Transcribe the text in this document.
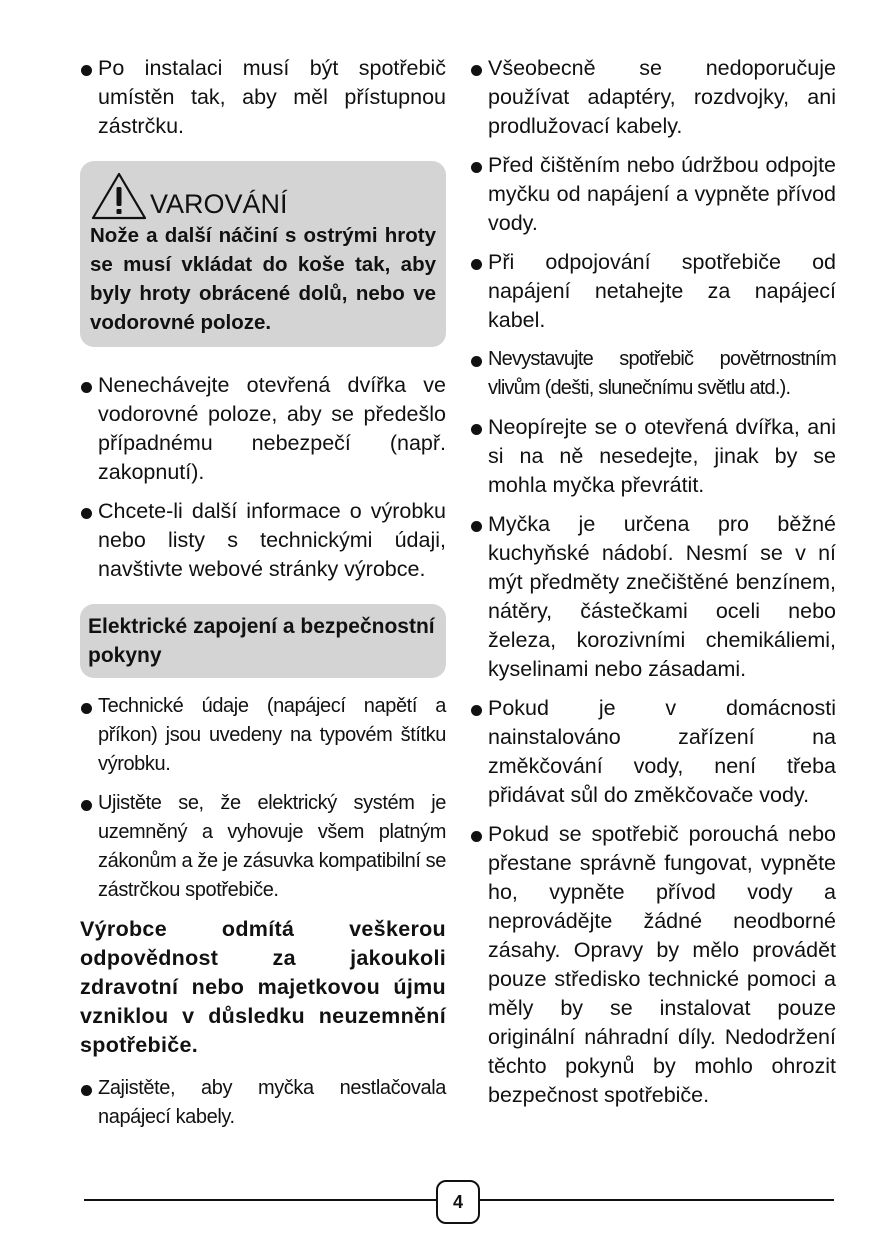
Po instalaci musí být spotřebič umístěn tak, aby měl přístupnou zástrčku.
VAROVÁNÍ
Nože a další náčiní s ostrými hroty se musí vkládat do koše tak, aby byly hroty obrácené dolů, nebo ve vodorovné poloze.
Nenechávejte otevřená dvířka ve vodorovné poloze, aby se předešlo případnému nebezpečí (např. zakopnutí).
Chcete-li další informace o výrobku nebo listy s technickými údaji, navštivte webové stránky výrobce.
Elektrické zapojení a bezpečnostní pokyny
Technické údaje (napájecí napětí a příkon) jsou uvedeny na typovém štítku výrobku.
Ujistěte se, že elektrický systém je uzemněný a vyhovuje všem platným zákonům a že je zásuvka kompatibilní se zástrčkou spotřebiče.
Výrobce odmítá veškerou odpovědnost za jakoukoli zdravotní nebo majetkovou újmu vzniklou v důsledku neuzemnění spotřebiče.
Zajistěte, aby myčka nestlačovala napájecí kabely.
Všeobecně se nedoporučuje používat adaptéry, rozdvojky, ani prodlužovací kabely.
Před čištěním nebo údržbou odpojte myčku od napájení a vypněte přívod vody.
Při odpojování spotřebiče od napájení netahejte za napájecí kabel.
Nevystavujte spotřebič povětrnostním vlivům (dešti, slunečnímu světlu atd.).
Neopírejte se o otevřená dvířka, ani si na ně nesedejte, jinak by se mohla myčka převrátit.
Myčka je určena pro běžné kuchyňské nádobí. Nesmí se v ní mýt předměty znečištěné benzínem, nátěry, částečkami oceli nebo železa, korozivními chemikáliemi, kyselinami nebo zásadami.
Pokud je v domácnosti nainstalováno zařízení na změkčování vody, není třeba přidávat sůl do změkčovače vody.
Pokud se spotřebič porouchá nebo přestane správně fungovat, vypněte ho, vypněte přívod vody a neprovádějte žádné neodborné zásahy. Opravy by mělo provádět pouze středisko technické pomoci a měly by se instalovat pouze originální náhradní díly. Nedodržení těchto pokynů by mohlo ohrozit bezpečnost spotřebiče.
4
